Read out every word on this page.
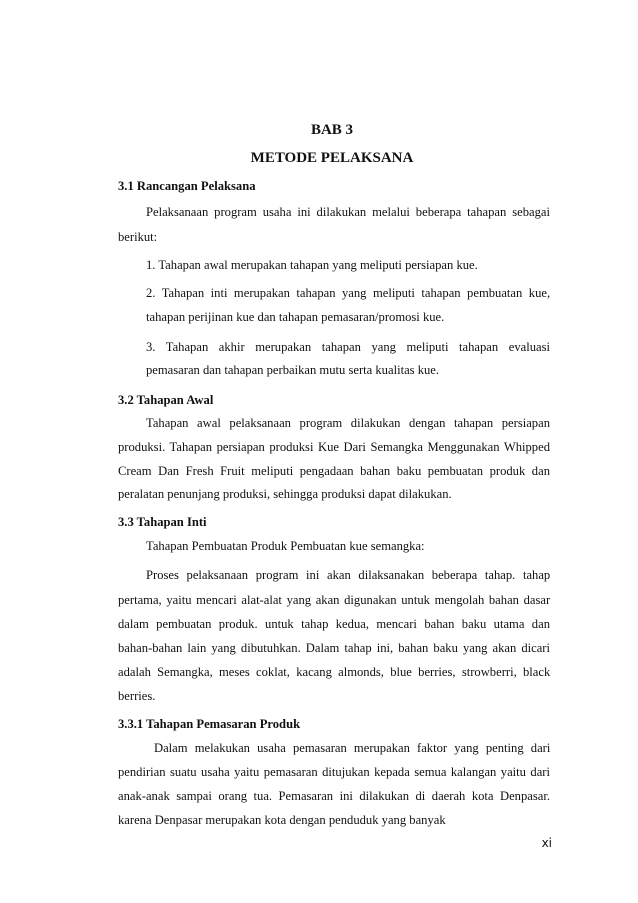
BAB 3
METODE PELAKSANA
3.1 Rancangan Pelaksana
Pelaksanaan program usaha ini dilakukan melalui beberapa tahapan sebagai
berikut:
1. Tahapan awal merupakan tahapan yang meliputi persiapan kue.
2. Tahapan inti merupakan tahapan yang meliputi tahapan pembuatan kue,
tahapan perijinan kue dan tahapan pemasaran/promosi kue.
3. Tahapan akhir merupakan tahapan yang meliputi tahapan evaluasi
pemasaran dan tahapan perbaikan mutu serta kualitas kue.
3.2 Tahapan Awal
Tahapan awal pelaksanaan program dilakukan dengan tahapan persiapan
produksi. Tahapan persiapan produksi Kue Dari Semangka Menggunakan Whipped
Cream Dan Fresh Fruit meliputi pengadaan bahan baku pembuatan produk dan
peralatan penunjang produksi, sehingga produksi dapat dilakukan.
3.3 Tahapan Inti
Tahapan Pembuatan Produk Pembuatan kue semangka:
Proses pelaksanaan program ini akan dilaksanakan beberapa tahap. tahap
pertama, yaitu mencari alat-alat yang akan digunakan untuk mengolah bahan dasar
dalam pembuatan produk. untuk tahap kedua, mencari bahan baku utama dan
bahan-bahan lain yang dibutuhkan. Dalam tahap ini, bahan baku yang akan dicari
adalah Semangka, meses coklat, kacang almonds, blue berries, strowberri, black
berries.
3.3.1 Tahapan Pemasaran Produk
Dalam melakukan usaha pemasaran merupakan faktor yang penting dari
pendirian suatu usaha yaitu pemasaran ditujukan kepada semua kalangan yaitu dari
anak-anak sampai orang tua. Pemasaran ini dilakukan di daerah kota Denpasar.
karena Denpasar merupakan kota dengan penduduk yang banyak
xi
